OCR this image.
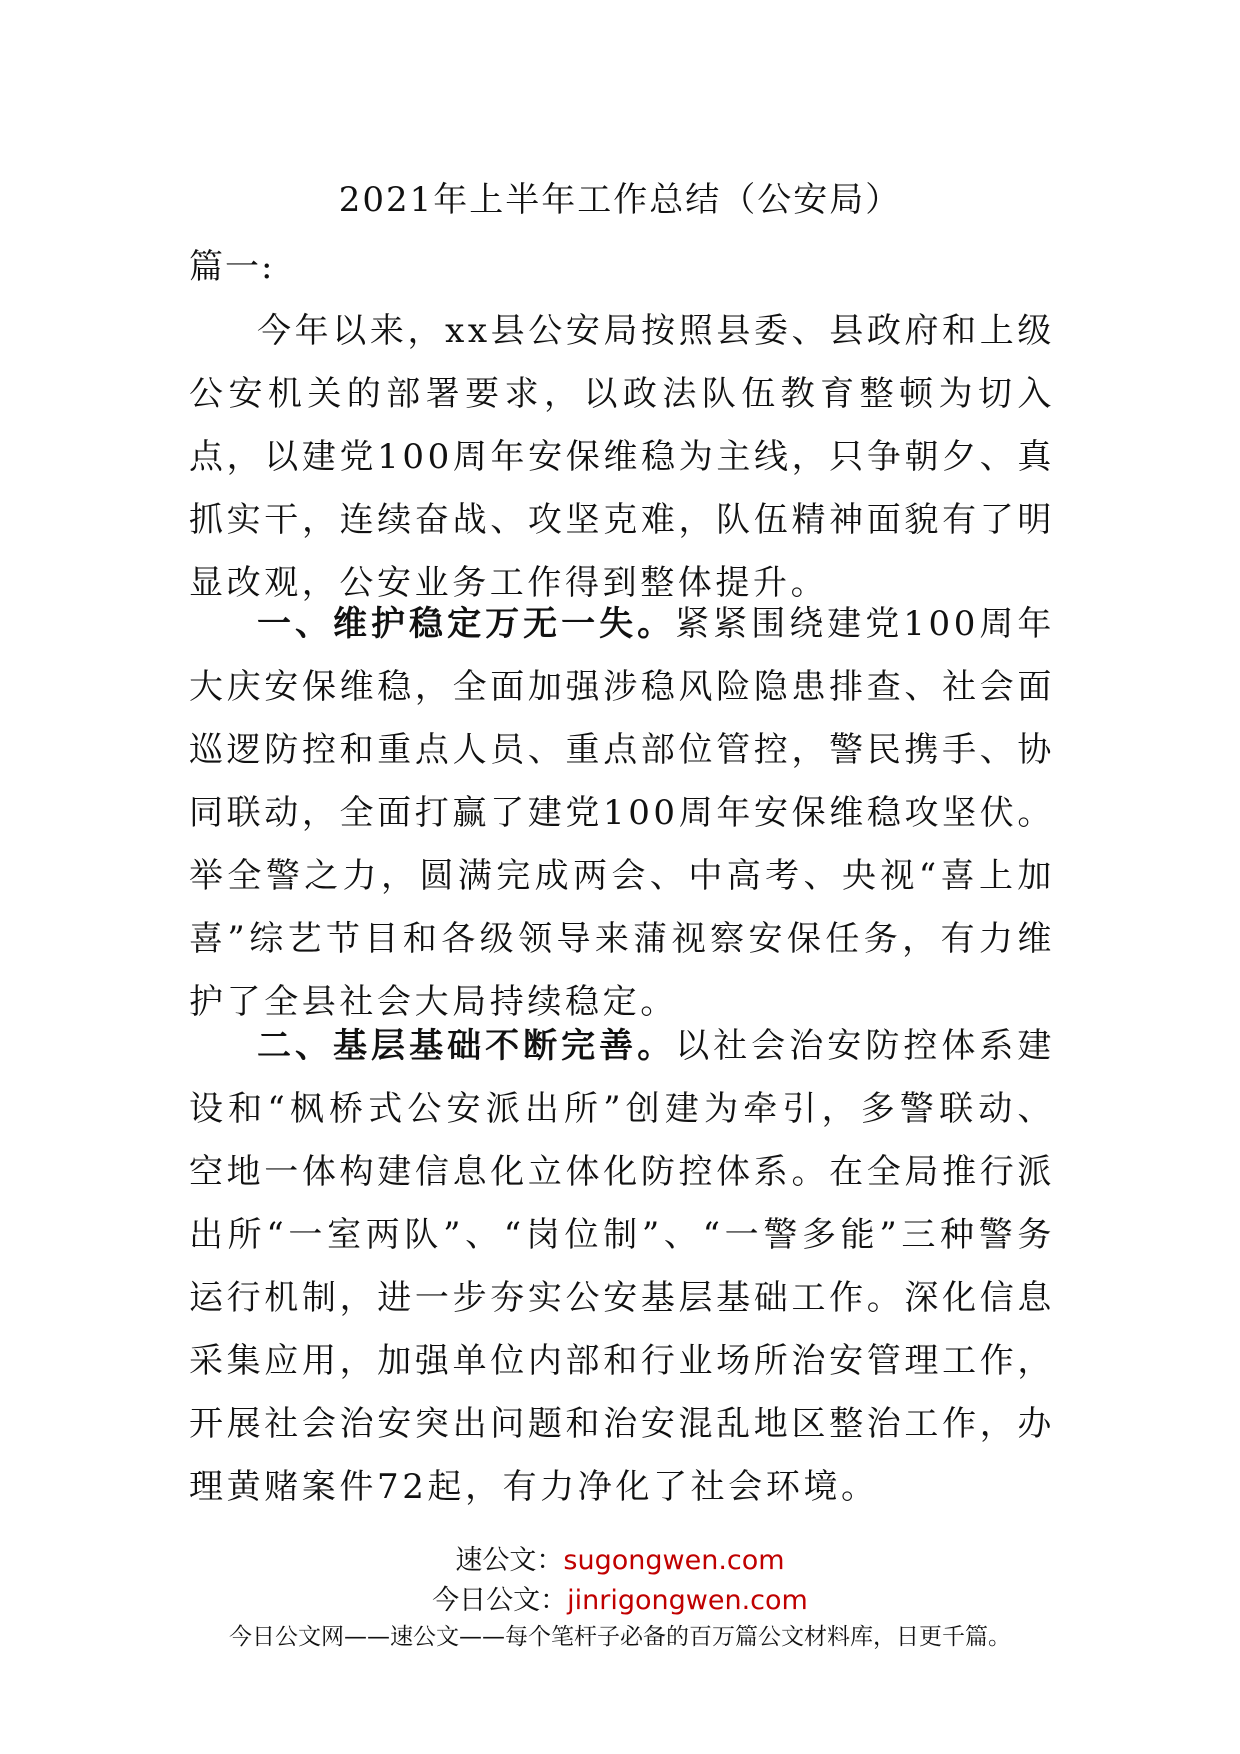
2021年上半年工作总结（公安局）
篇一:

今年以来，xx县公安局按照县委、县政府和上级公安机关的部署要求，以政法队伍教育整顿为切入点，以建党100周年安保维稳为主线，只争朝夕、真抓实干，连续奋战、攻坚克难，队伍精神面貌有了明显改观，公安业务工作得到整体提升。

一、维护稳定万无一失。紧紧围绕建党100周年大庆安保维稳，全面加强涉稳风险隐患排查、社会面巡逻防控和重点人员、重点部位管控，警民携手、协同联动，全面打赢了建党100周年安保维稳攻坚伏。举全警之力，圆满完成两会、中高考、央视“喜上加喜”综艺节目和各级领导来蒲视察安保任务，有力维护了全县社会大局持续稳定。

二、基层基础不断完善。以社会治安防控体系建设和“枫桥式公安派出所”创建为牵引，多警联动、空地一体构建信息化立体化防控体系。在全局推行派出所“一室两队”、“岗位制”、“一警多能”三种警务运行机制，进一步夯实公安基层基础工作。深化信息采集应用，加强单位内部和行业场所治安管理工作，开展社会治安突出问题和治安混乱地区整治工作，办理黄赌案件72起，有力净化了社会环境。

速公文：sugongwen.com
今日公文：jinrigongwen.com
今日公文网——速公文——每个笔杆子必备的百万篇公文材料库，日更千篇。
